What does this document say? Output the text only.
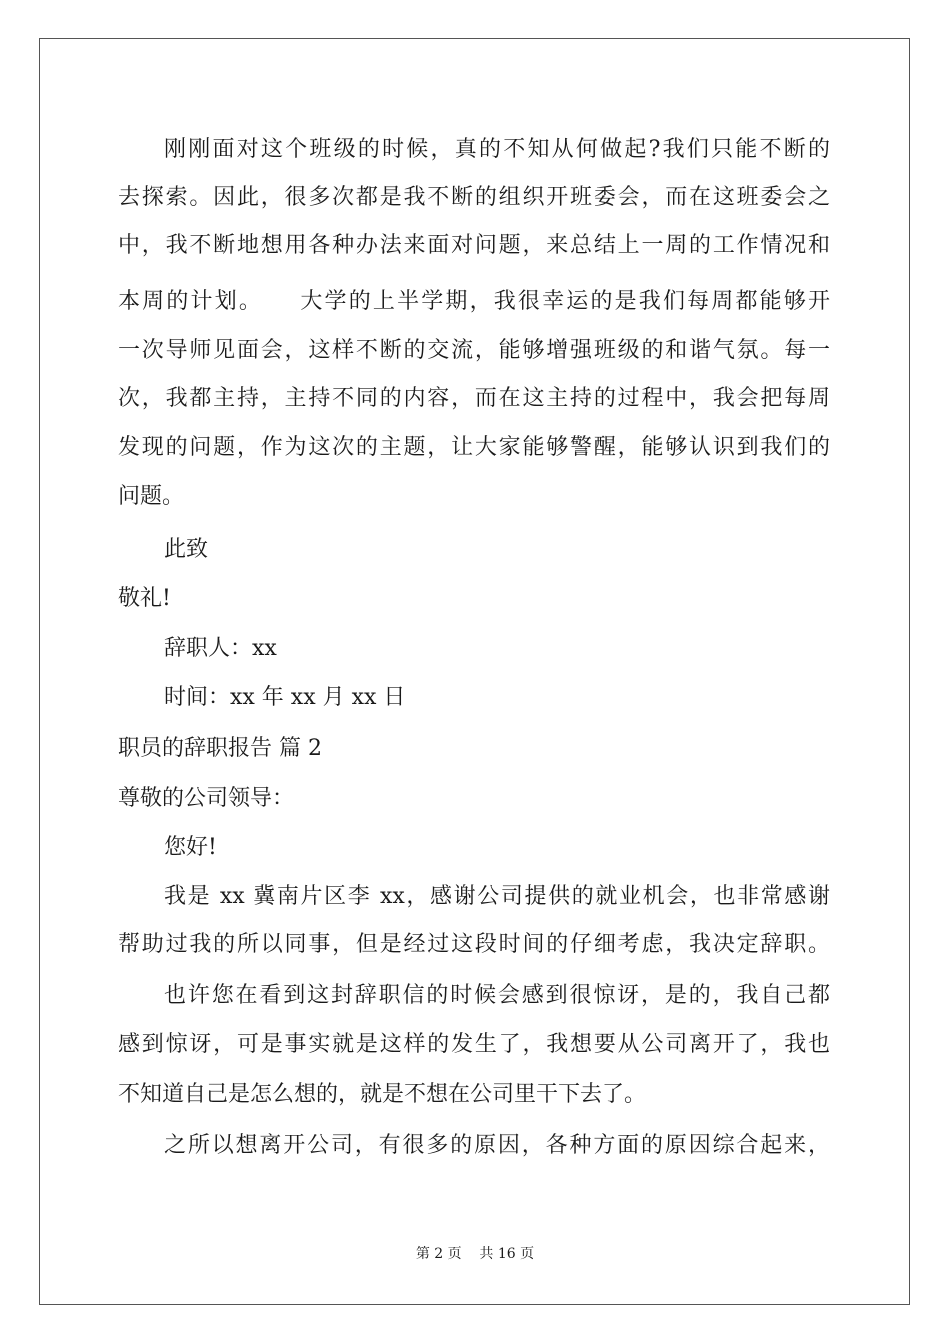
刚刚面对这个班级的时候，真的不知从何做起?我们只能不断的
去探索。因此，很多次都是我不断的组织开班委会，而在这班委会之
中，我不断地想用各种办法来面对问题，来总结上一周的工作情况和
本周的计划。　　大学的上半学期，我很幸运的是我们每周都能够开
一次导师见面会，这样不断的交流，能够增强班级的和谐气氛。每一
次，我都主持，主持不同的内容，而在这主持的过程中，我会把每周
发现的问题，作为这次的主题，让大家能够警醒，能够认识到我们的
问题。
此致
敬礼!
辞职人：xx
时间：xx 年 xx 月 xx 日
职员的辞职报告 篇 2
尊敬的公司领导：
您好!
我是 xx 冀南片区李 xx，感谢公司提供的就业机会，也非常感谢
帮助过我的所以同事，但是经过这段时间的仔细考虑，我决定辞职。
也许您在看到这封辞职信的时候会感到很惊讶，是的，我自己都
感到惊讶，可是事实就是这样的发生了，我想要从公司离开了，我也
不知道自己是怎么想的，就是不想在公司里干下去了。
之所以想离开公司，有很多的原因，各种方面的原因综合起来，
第 2 页    共 16 页
